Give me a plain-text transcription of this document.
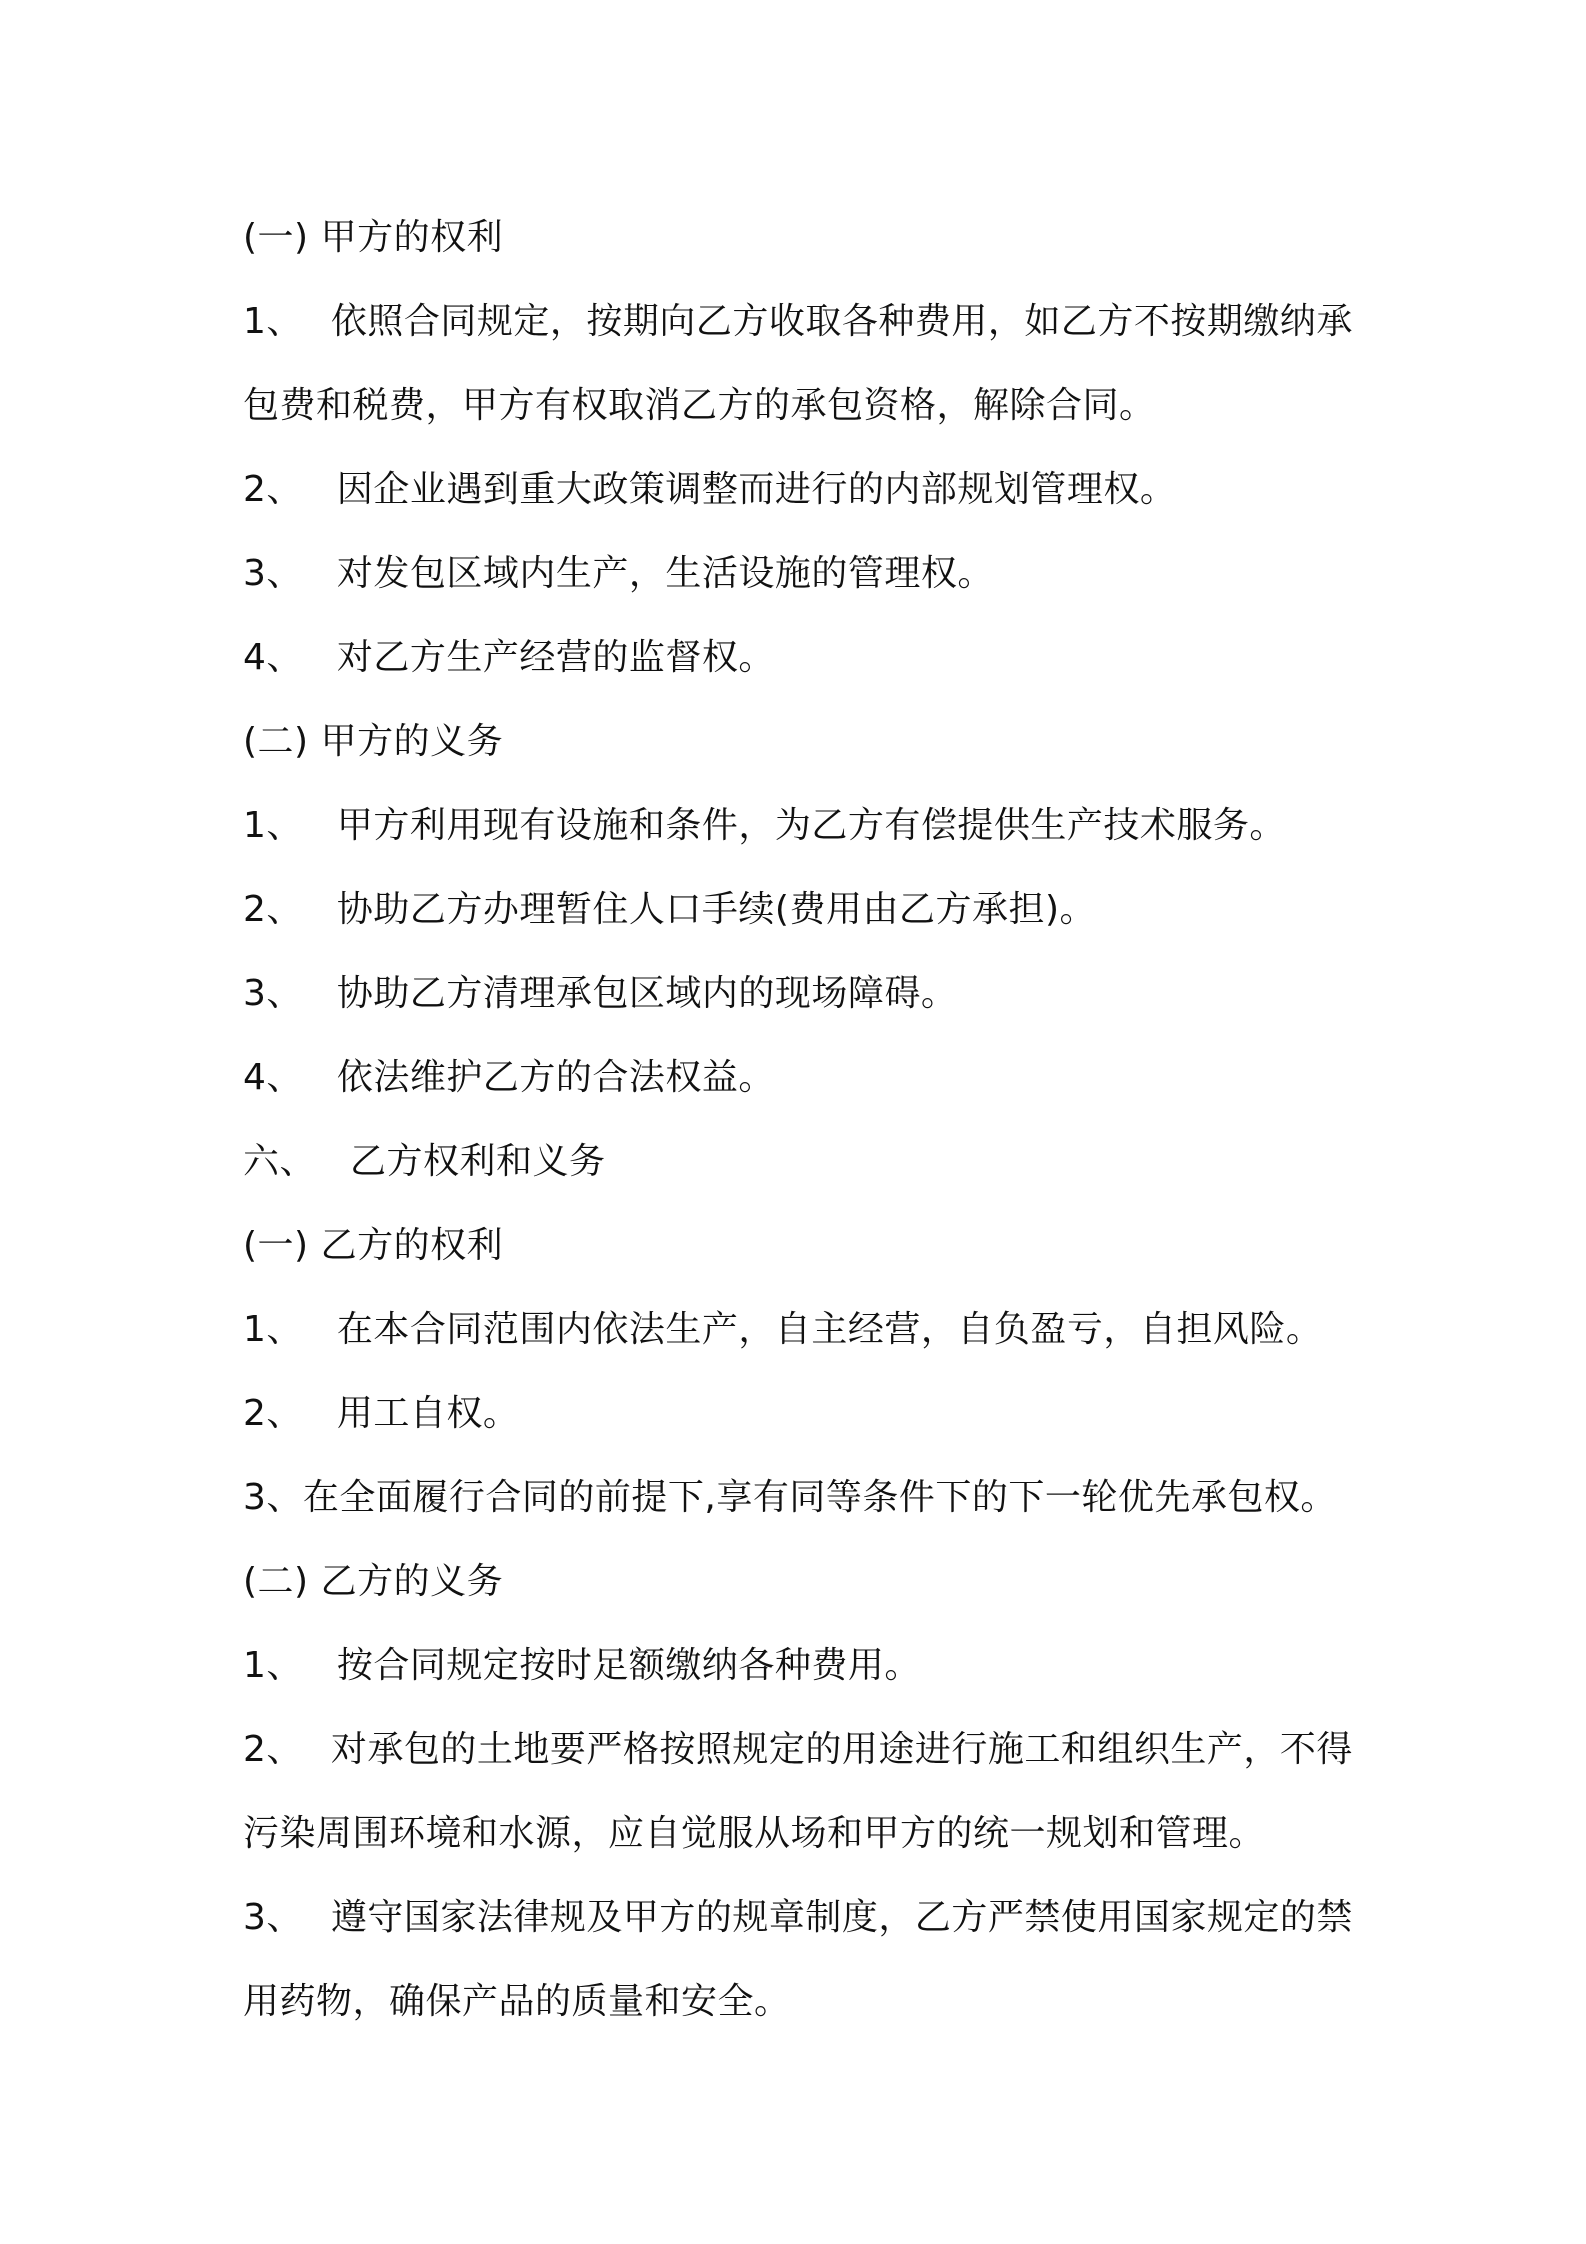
(一) 甲方的权利
1、 依照合同规定，按期向乙方收取各种费用，如乙方不按期缴纳承
包费和税费，甲方有权取消乙方的承包资格，解除合同。
2、 因企业遇到重大政策调整而进行的内部规划管理权。
3、 对发包区域内生产，生活设施的管理权。
4、 对乙方生产经营的监督权。
(二) 甲方的义务
1、 甲方利用现有设施和条件，为乙方有偿提供生产技术服务。
2、 协助乙方办理暂住人口手续(费用由乙方承担)。
3、 协助乙方清理承包区域内的现场障碍。
4、 依法维护乙方的合法权益。
六、 乙方权利和义务
(一) 乙方的权利
1、 在本合同范围内依法生产，自主经营，自负盈亏，自担风险。
2、 用工自权。
3、在全面履行合同的前提下,享有同等条件下的下一轮优先承包权。
(二) 乙方的义务
1、 按合同规定按时足额缴纳各种费用。
2、 对承包的土地要严格按照规定的用途进行施工和组织生产，不得
污染周围环境和水源，应自觉服从场和甲方的统一规划和管理。
3、 遵守国家法律规及甲方的规章制度，乙方严禁使用国家规定的禁
用药物，确保产品的质量和安全。
